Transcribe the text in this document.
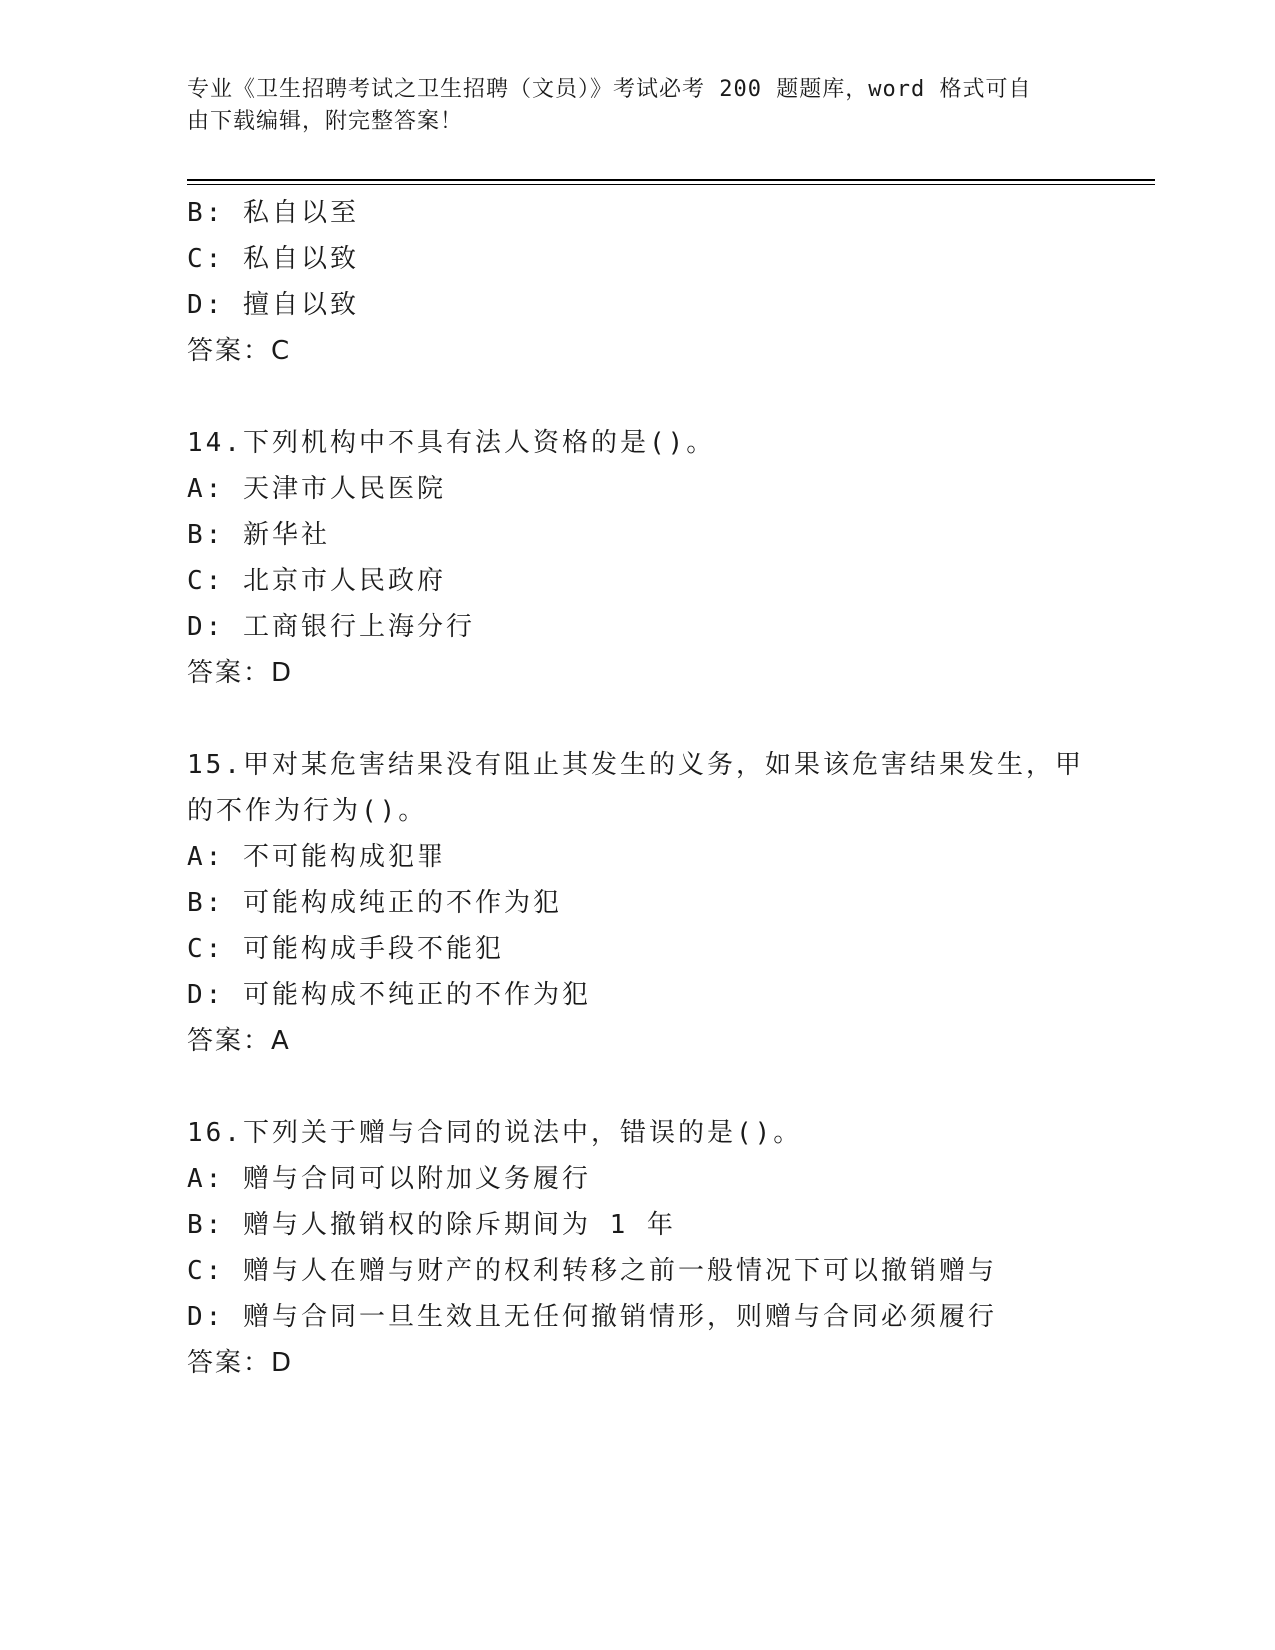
专业《卫生招聘考试之卫生招聘（文员）》考试必考 200 题题库，word 格式可自
由下载编辑，附完整答案！
B: 私自以至
C: 私自以致
D: 擅自以致
答案：C
14.下列机构中不具有法人资格的是()。
A: 天津市人民医院
B: 新华社
C: 北京市人民政府
D: 工商银行上海分行
答案：D
15.甲对某危害结果没有阻止其发生的义务，如果该危害结果发生，甲
的不作为行为()。
A: 不可能构成犯罪
B: 可能构成纯正的不作为犯
C: 可能构成手段不能犯
D: 可能构成不纯正的不作为犯
答案：A
16.下列关于赠与合同的说法中，错误的是()。
A: 赠与合同可以附加义务履行
B: 赠与人撤销权的除斥期间为 1 年
C: 赠与人在赠与财产的权利转移之前一般情况下可以撤销赠与
D: 赠与合同一旦生效且无任何撤销情形，则赠与合同必须履行
答案：D
